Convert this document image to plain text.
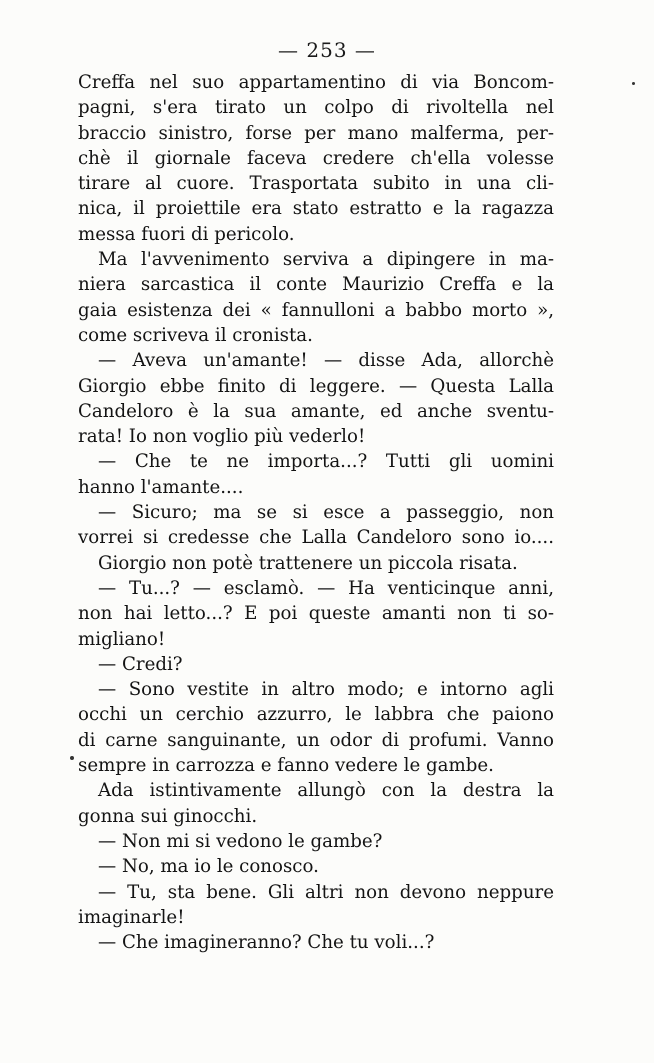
— 253 —
Creffa nel suo appartamentino di via Boncom-
pagni, s'era tirato un colpo di rivoltella nel
braccio sinistro, forse per mano malferma, per-
chè il giornale faceva credere ch'ella volesse
tirare al cuore. Trasportata subito in una cli-
nica, il proiettile era stato estratto e la ragazza
messa fuori di pericolo.
Ma l'avvenimento serviva a dipingere in ma-
niera sarcastica il conte Maurizio Creffa e la
gaia esistenza dei « fannulloni a babbo morto »,
come scriveva il cronista.
— Aveva un'amante! — disse Ada, allorchè
Giorgio ebbe finito di leggere. — Questa Lalla
Candeloro è la sua amante, ed anche sventu-
rata! Io non voglio più vederlo!
— Che te ne importa...? Tutti gli uomini
hanno l'amante....
— Sicuro; ma se si esce a passeggio, non
vorrei si credesse che Lalla Candeloro sono io....
Giorgio non potè trattenere un piccola risata.
— Tu...? — esclamò. — Ha venticinque anni,
non hai letto...? E poi queste amanti non ti so-
migliano!
— Credi?
— Sono vestite in altro modo; e intorno agli
occhi un cerchio azzurro, le labbra che paiono
di carne sanguinante, un odor di profumi. Vanno
sempre in carrozza e fanno vedere le gambe.
Ada istintivamente allungò con la destra la
gonna sui ginocchi.
— Non mi si vedono le gambe?
— No, ma io le conosco.
— Tu, sta bene. Gli altri non devono neppure
imaginarle!
— Che imagineranno? Che tu voli...?
